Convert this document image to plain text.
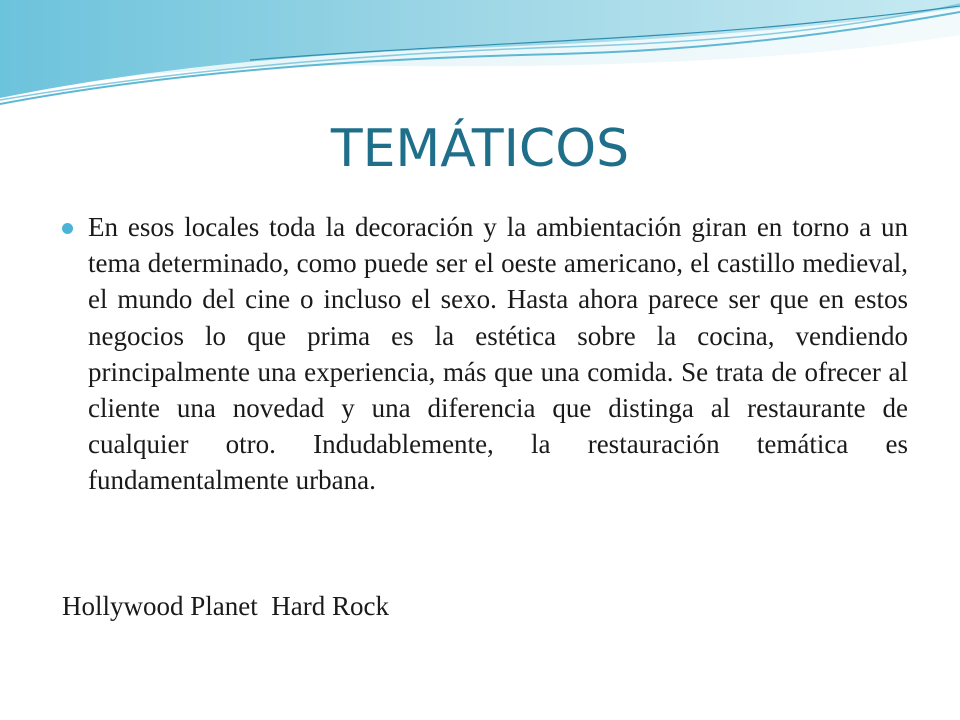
TEMÁTICOS

En esos locales toda la decoración y la ambientación giran en torno a un tema determinado, como puede ser el oeste americano, el castillo medieval, el mundo del cine o incluso el sexo. Hasta ahora parece ser que en estos negocios lo que prima es la estética sobre la cocina, vendiendo principalmente una experiencia, más que una comida. Se trata de ofrecer al cliente una novedad y una diferencia que distinga al restaurante de cualquier otro. Indudablemente, la restauración temática es fundamentalmente urbana.

Hollywood Planet  Hard Rock
